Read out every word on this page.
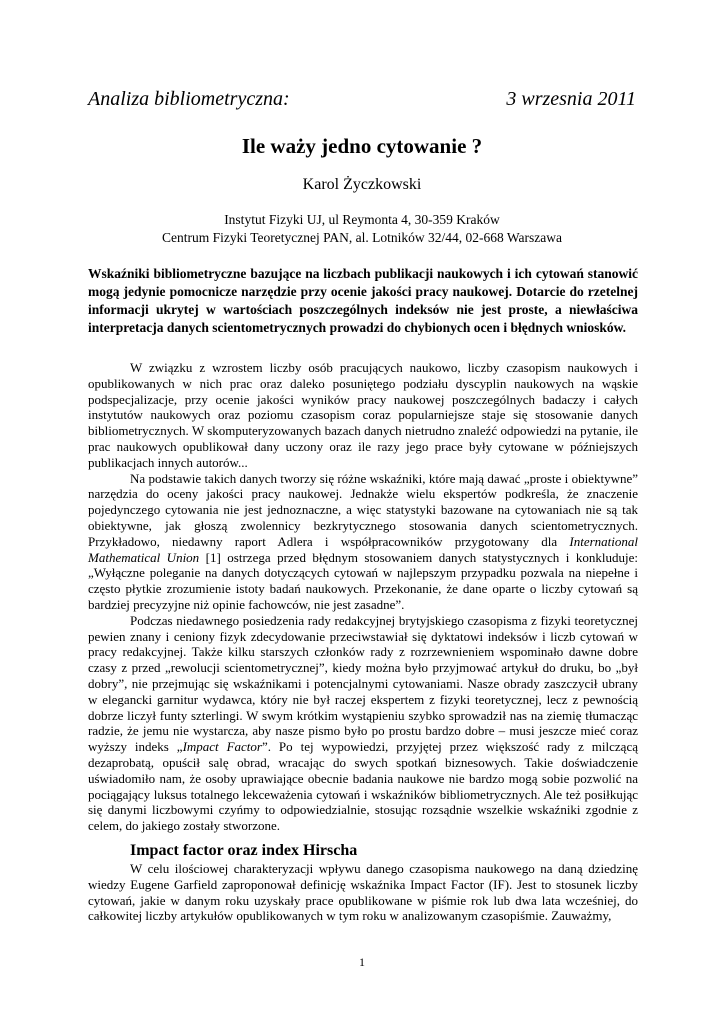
Analiza bibliometryczna:	3 wrzesnia 2011
Ile waży jedno cytowanie ?
Karol Życzkowski
Instytut Fizyki UJ, ul Reymonta 4, 30-359 Kraków
Centrum Fizyki Teoretycznej PAN, al. Lotników 32/44, 02-668 Warszawa
Wskaźniki bibliometryczne bazujące na liczbach publikacji naukowych i ich cytowań stanowić mogą jedynie pomocnicze narzędzie przy ocenie jakości pracy naukowej. Dotarcie do rzetelnej informacji ukrytej w wartościach poszczególnych indeksów nie jest proste, a niewłaściwa interpretacja danych scientometrycznych prowadzi do chybionych ocen i błędnych wniosków.

W związku z wzrostem liczby osób pracujących naukowo, liczby czasopism naukowych i opublikowanych w nich prac oraz daleko posuniętego podziału dyscyplin naukowych na wąskie podspecjalizacje, przy ocenie jakości wyników pracy naukowej poszczególnych badaczy i całych instytutów naukowych oraz poziomu czasopism coraz popularniejsze staje się stosowanie danych bibliometrycznych. W skomputeryzowanych bazach danych nietrudno znaleźć odpowiedzi na pytanie, ile prac naukowych opublikował dany uczony oraz ile razy jego prace były cytowane w późniejszych publikacjach innych autorów...

Na podstawie takich danych tworzy się różne wskaźniki, które mają dawać „proste i obiektywne” narzędzia do oceny jakości pracy naukowej. Jednakże wielu ekspertów podkreśla, że znaczenie pojedynczego cytowania nie jest jednoznaczne, a więc statystyki bazowane na cytowaniach nie są tak obiektywne, jak głoszą zwolennicy bezkrytycznego stosowania danych scientometrycznych. Przykładowo, niedawny raport Adlera i współpracowników przygotowany dla International Mathematical Union [1] ostrzega przed błędnym stosowaniem danych statystycznych i konkluduje: „Wyłączne poleganie na danych dotyczących cytowań w najlepszym przypadku pozwala na niepełne i często płytkie zrozumienie istoty badań naukowych. Przekonanie, że dane oparte o liczby cytowań są bardziej precyzyjne niż opinie fachowców, nie jest zasadne”.

Podczas niedawnego posiedzenia rady redakcyjnej brytyjskiego czasopisma z fizyki teoretycznej pewien znany i ceniony fizyk zdecydowanie przeciwstawiał się dyktatowi indeksów i liczb cytowań w pracy redakcyjnej. Także kilku starszych członków rady z rozrzewnieniem wspominało dawne dobre czasy z przed „rewolucji scientometrycznej”, kiedy można było przyjmować artykuł do druku, bo „był dobry”, nie przejmując się wskaźnikami i potencjalnymi cytowaniami. Nasze obrady zaszczycił ubrany w elegancki garnitur wydawca, który nie był raczej ekspertem z fizyki teoretycznej, lecz z pewnością dobrze liczył funty szterlingi. W swym krótkim wystąpieniu szybko sprowadził nas na ziemię tłumacząc radzie, że jemu nie wystarcza, aby nasze pismo było po prostu bardzo dobre – musi jeszcze mieć coraz wyższy indeks „Impact Factor”. Po tej wypowiedzi, przyjętej przez większość rady z milczącą dezaprobatą, opuścił salę obrad, wracając do swych spotkań biznesowych. Takie doświadczenie uświadomiło nam, że osoby uprawiające obecnie badania naukowe nie bardzo mogą sobie pozwolić na pociągający luksus totalnego lekceważenia cytowań i wskaźników bibliometrycznych. Ale też posiłkując się danymi liczbowymi czyńmy to odpowiedzialnie, stosując rozsądnie wszelkie wskaźniki zgodnie z celem, do jakiego zostały stworzone.

Impact factor oraz index Hirscha

W celu ilościowej charakteryzacji wpływu danego czasopisma naukowego na daną dziedzinę wiedzy Eugene Garfield zaproponował definicję wskaźnika Impact Factor (IF). Jest to stosunek liczby cytowań, jakie w danym roku uzyskały prace opublikowane w piśmie rok lub dwa lata wcześniej, do całkowitej liczby artykułów opublikowanych w tym roku w analizowanym czasopiśmie. Zauważmy,

1
